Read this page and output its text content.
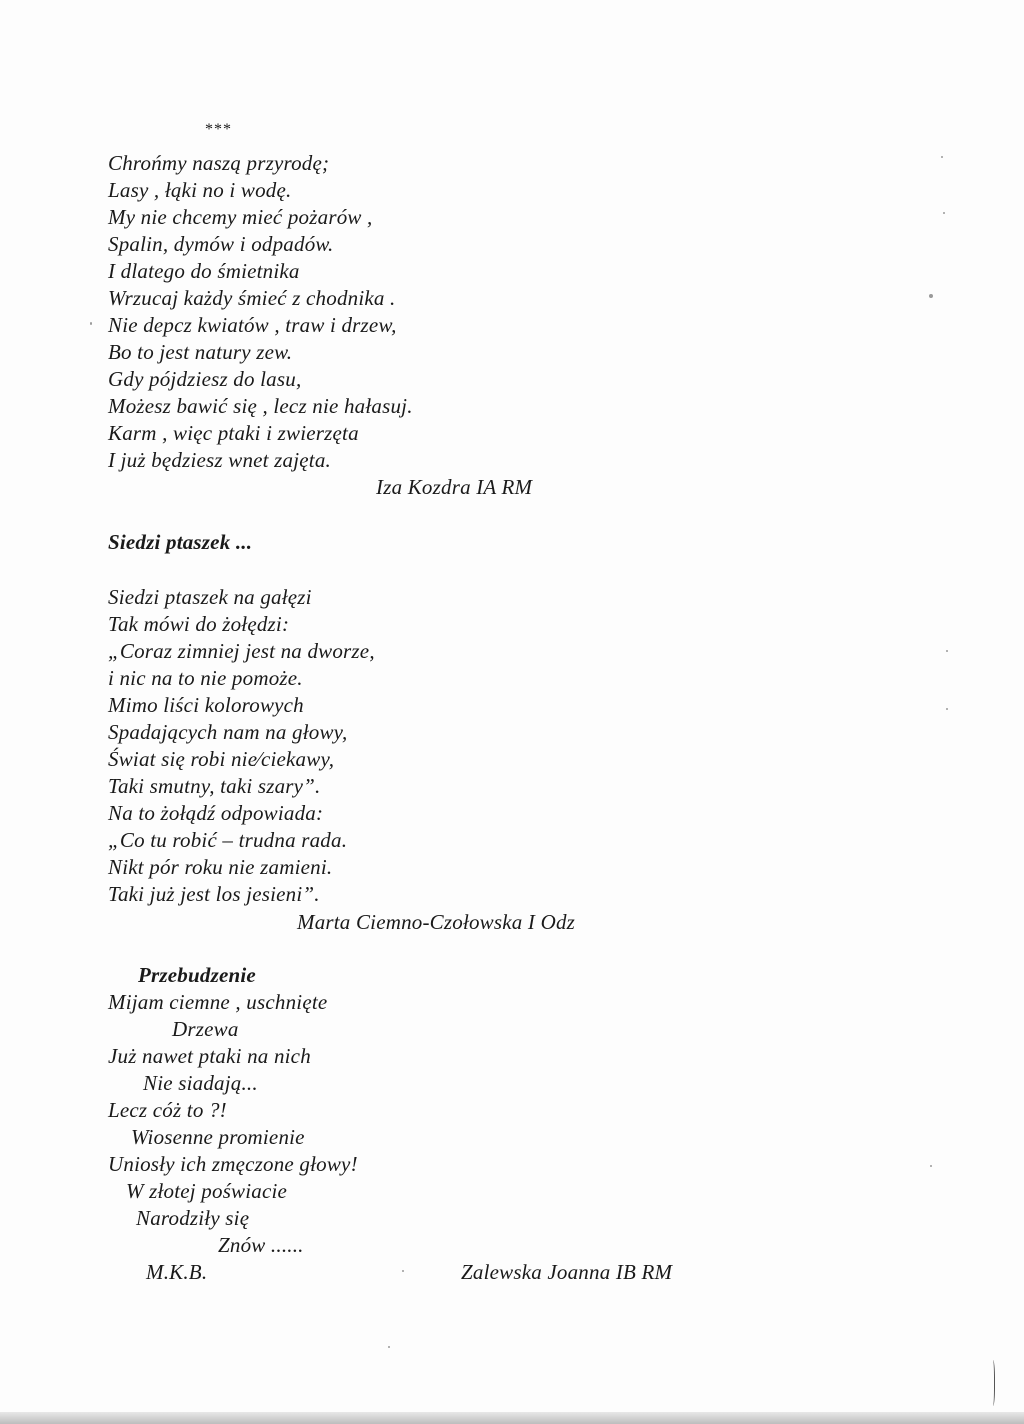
***
Chrońmy naszą przyrodę;
Lasy , łąki no i wodę.
My nie chcemy mieć pożarów ,
Spalin, dymów i odpadów.
I dlatego do śmietnika
Wrzucaj każdy śmieć z chodnika .
Nie depcz kwiatów , traw i drzew,
Bo to jest natury zew.
Gdy pójdziesz do lasu,
Możesz bawić się , lecz nie hałasuj.
Karm , więc ptaki i zwierzęta
I już będziesz wnet zajęta.
Iza Kozdra IA RM
Siedzi ptaszek ...
Siedzi ptaszek na gałęzi
Tak mówi do żołędzi:
„Coraz zimniej jest na dworze,
i nic na to nie pomoże.
Mimo liści kolorowych
Spadających nam na głowy,
Świat się robi nie⁄ciekawy,
Taki smutny, taki szary”.
Na to żołądź odpowiada:
„Co tu robić – trudna rada.
Nikt pór roku nie zamieni.
Taki już jest los jesieni”.
Marta Ciemno-Czołowska I Odz
Przebudzenie
Mijam ciemne , uschnięte
Drzewa
Już nawet ptaki na nich
Nie siadają...
Lecz cóż to ?!
Wiosenne promienie
Uniosły ich zmęczone głowy!
W złotej poświacie
Narodziły się
Znów ......
M.K.B.	Zalewska Joanna IB RM
